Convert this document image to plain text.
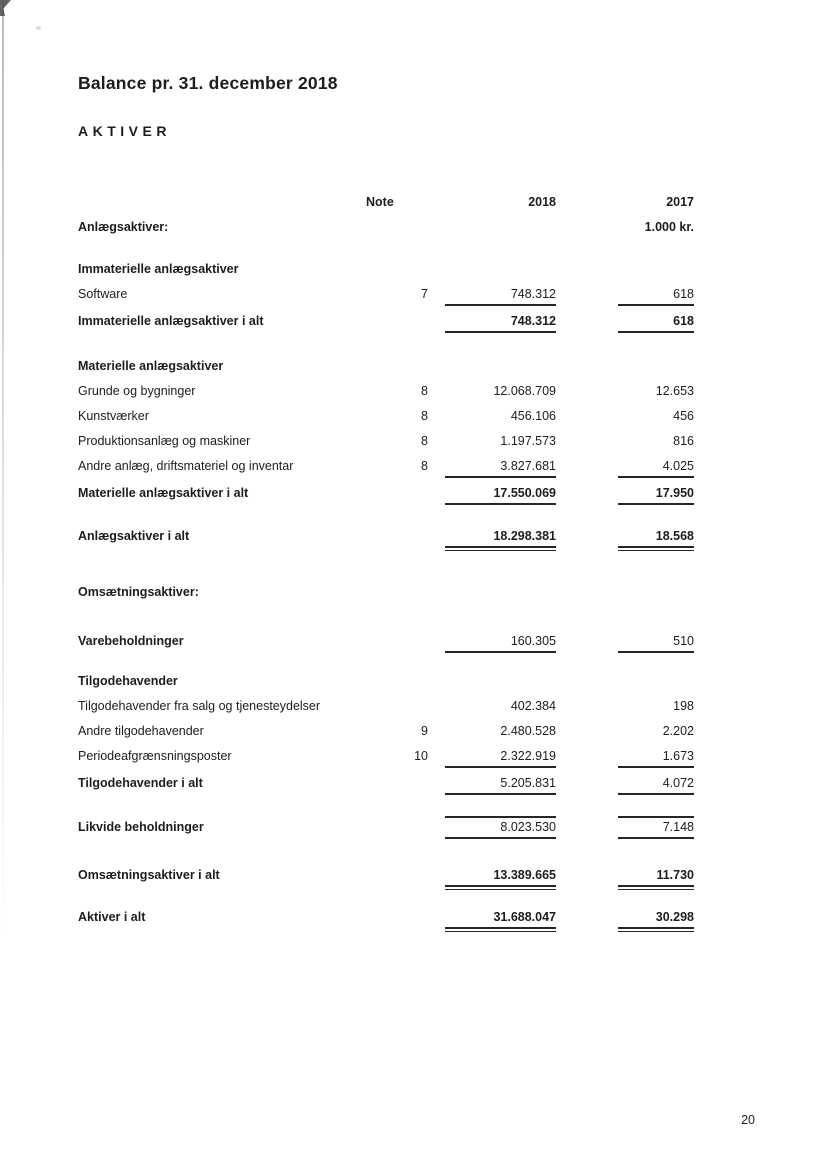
Balance pr. 31. december 2018
AKTIVER
Note	2018	2017
Anlægsaktiver:	1.000 kr.
Immaterielle anlægsaktiver
Software	7	748.312	618
Immaterielle anlægsaktiver i alt	748.312	618
Materielle anlægsaktiver
Grunde og bygninger	8	12.068.709	12.653
Kunstværker	8	456.106	456
Produktionsanlæg og maskiner	8	1.197.573	816
Andre anlæg, driftsmateriel og inventar	8	3.827.681	4.025
Materielle anlægsaktiver i alt	17.550.069	17.950
Anlægsaktiver i alt	18.298.381	18.568
Omsætningsaktiver:
Varebeholdninger	160.305	510
Tilgodehavender
Tilgodehavender fra salg og tjenesteydelser	402.384	198
Andre tilgodehavender	9	2.480.528	2.202
Periodeafgrænsningsposter	10	2.322.919	1.673
Tilgodehavender i alt	5.205.831	4.072
Likvide beholdninger	8.023.530	7.148
Omsætningsaktiver i alt	13.389.665	11.730
Aktiver i alt	31.688.047	30.298
20
